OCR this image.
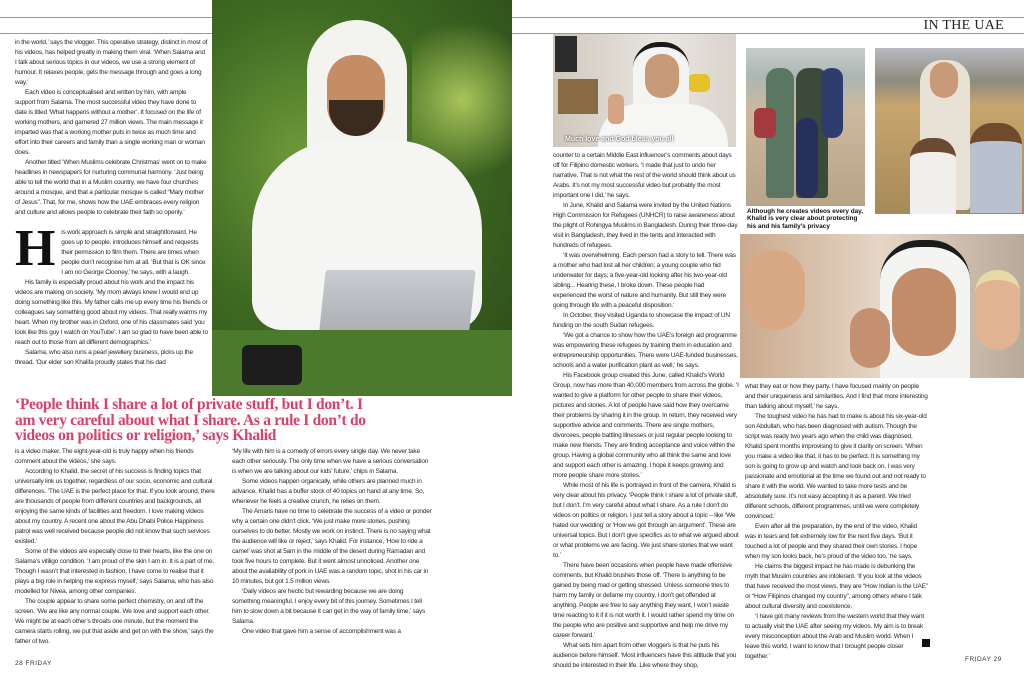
IN THE UAE

in the world,’ says the vlogger. This operative strategy, distinct in most of his videos, has helped greatly in making them viral. ‘When Salama and I talk about serious topics in our videos, we use a strong element of humour. It relaxes people, gets the message through and goes a long way.’

Each video is conceptualised and written by him, with ample support from Salama. The most successful video they have done to date is titled ‘What happens without a mother’. It focused on the life of working mothers, and garnered 27 million views. The main message it imparted was that a working mother puts in twice as much time and effort into their careers and family than a single working man or woman does.

Another titled ‘When Muslims celebrate Christmas’ went on to make headlines in newspapers for nurturing communal harmony. ‘Just being able to tell the world that in a Muslim country, we have four churches around a mosque, and that a particular mosque is called “Mary mother of Jesus”. That, for me, shows how the UAE embraces every religion and culture and allows people to celebrate their faith so openly.’

His work approach is simple and straightforward. He goes up to people, introduces himself and requests their permission to film them. There are times when people don’t recognise him at all. ‘But that is OK since I am no George Clooney,’ he says, with a laugh.

His family is especially proud about his work and the impact his videos are making on society. ‘My mom always knew I would end up doing something like this. My father calls me up every time his friends or colleagues say something good about my videos. That really warms my heart. When my brother was in Oxford, one of his classmates said ‘you look like this guy I watch on YouTube’. I am so glad to have been able to reach out to those from all different demographics.’

Salama, who also runs a pearl jewellery business, picks up the thread. ‘Our elder son Khalifa proudly states that his dad

‘People think I share a lot of private stuff, but I don’t. I am very careful about what I share. As a rule I don’t do videos on politics or religion,’ says Khalid

is a video maker. The eight-year-old is truly happy when his friends comment about the videos,’ she says.

According to Khalid, the secret of his success is finding topics that universally link us together, regardless of our socio, economic and cultural differences. ‘The UAE is the perfect place for that. If you look around, there are thousands of people from different countries and backgrounds, all enjoying the same kinds of facilities and freedom. I love making videos about my country. A recent one about the Abu Dhabi Police Happiness patrol was well received because people did not know that such services existed.’

Some of the videos are especially close to their hearts, like the one on Salama’s vitiligo condition. ‘I am proud of the skin I am in. It is a part of me. Though I wasn’t that interested in fashion, I have come to realise that it plays a big role in helping me express myself,’ says Salama, who has also modelled for Nivea, among other companies.

The couple appear to share some perfect chemistry, on and off the screen. ‘We are like any normal couple. We love and support each other. We might be at each other’s throats one minute, but the moment the camera starts rolling, we put that aside and get on with the show,’ says the father of two.

‘My life with him is a comedy of errors every single day. We never take each other seriously. The only time when we have a serious conversation is when we are talking about our kids’ future,’ chips in Salama.

Some videos happen organically, while others are planned much in advance. Khalid has a buffer stock of 40 topics on hand at any time. So, whenever he feels a creative crunch, he relies on them.

The Amaris have no time to celebrate the success of a video or ponder why a certain one didn’t click. ‘We just make more stories, pushing ourselves to do better. Mostly we work on instinct. There is no saying what the audience will like or reject,’ says Khalid. For instance, ‘How to ride a camel’ was shot at 5am in the middle of the desert during Ramadan and took five hours to complete. But it went almost unnoticed. Another one about the availability of pork in UAE was a random topic, shot in his car in 10 minutes, but got 1.5 million views.

‘Daily videos are hectic but rewarding because we are doing something meaningful. I enjoy every bit of this journey. Sometimes I tell him to slow down a bit because it can get in the way of family time,’ says Salama.

One video that gave him a sense of accomplishment was a

28 FRIDAY
Much love and God bless you all
Although he creates videos every day, Khalid is very clear about protecting his and his family’s privacy

counter to a certain Middle East influencer’s comments about days off for Filipino domestic workers. ‘I made that just to undo her narrative. That is not what the rest of the world should think about us Arabs. It’s not my most successful video but probably the most important one I did,’ he says.

In June, Khalid and Salama were invited by the United Nations High Commission for Refugees (UNHCR) to raise awareness about the plight of Rohingya Muslims in Bangladesh. During their three-day visit in Bangladesh, they lived in the tents and interacted with hundreds of refugees.

‘It was overwhelming. Each person had a story to tell. There was a mother who had lost all her children; a young couple who hid underwater for days; a five-year-old looking after his two-year-old sibling... Hearing these, I broke down. These people had experienced the worst of nature and humanity. But still they were going through life with a peaceful disposition.’

In October, they visited Uganda to showcase the impact of UN funding on the south Sudan refugees.

‘We got a chance to show how the UAE’s foreign aid programme was empowering these refugees by training them in education and entrepreneurship opportunities. There were UAE-funded businesses, schools and a water purification plant as well,’ he says.

His Facebook group created this June, called Khalid’s World Group, now has more than 40,000 members from across the globe. ‘I wanted to give a platform for other people to share their videos, pictures and stories. A lot of people have said how they overcame their problems by sharing it in the group. In return, they received very supportive advice and comments. There are single mothers, divorcees, people battling illnesses or just regular people looking to make new friends. They are finding acceptance and voice within the group. Having a global community who all think the same and love and support each other is amazing. I hope it keeps growing and more people share more stories.’

While most of his life is portrayed in front of the camera, Khalid is very clear about his privacy. ‘People think I share a lot of private stuff, but I don’t. I’m very careful about what I share. As a rule I don’t do videos on politics or religion. I just tell a story about a topic – like ‘We hated our wedding’ or ‘How we got through an argument’. These are universal topics. But I don’t give specifics as to what we argued about or what problems we are facing. We just share stories that we want to.’

There have been occasions when people have made offensive comments, but Khalid brushes those off. ‘There is anything to be gained by being mad or getting stressed. Unless someone tries to harm my family or defame my country, I don’t get offended at anything. People are free to say anything they want, I won’t waste time reacting to it if it is not worth it. I would rather spend my time on the people who are positive and supportive and help me drive my career forward.’

What sets him apart from other vloggers is that he puts his audience before himself. ‘Most influencers have this attitude that you should be interested in their life. Like where they shop,

what they eat or how they party. I have focused mainly on people and their uniqueness and similarities. And I find that more interesting than talking about myself,’ he says.

The toughest video he has had to make is about his six-year-old son Abdullah, who has been diagnosed with autism. Though the script was ready two years ago when the child was diagnosed, Khalid spent months improvising to give it clarity on screen. ‘When you make a video like that, it has to be perfect. It is something my son is going to grow up and watch and look back on. I was very passionate and emotional at the time we found out and not ready to share it with the world. We wanted to take more tests and be absolutely sure. It’s not easy accepting it as a parent. We tried different schools, different programmes, until we were completely convinced.’

Even after all the preparation, by the end of the video, Khalid was in tears and felt extremely low for the next five days. ‘But it touched a lot of people and they shared their own stories. I hope when my son looks back, he’s proud of the video too,’ he says.

He claims the biggest impact he has made is debunking the myth that Muslim countries are intolerant. ‘If you look at the videos that have received the most views, they are “How Indian is the UAE” or “How Filipinos changed my country”, among others where I talk about cultural diversity and coexistence.

‘I have got many reviews from the western world that they want to actually visit the UAE after seeing my videos. My aim is to break every misconception about the Arab and Muslim world. When I leave this world, I want to know that I brought people closer together.’	FRIDAY 29
